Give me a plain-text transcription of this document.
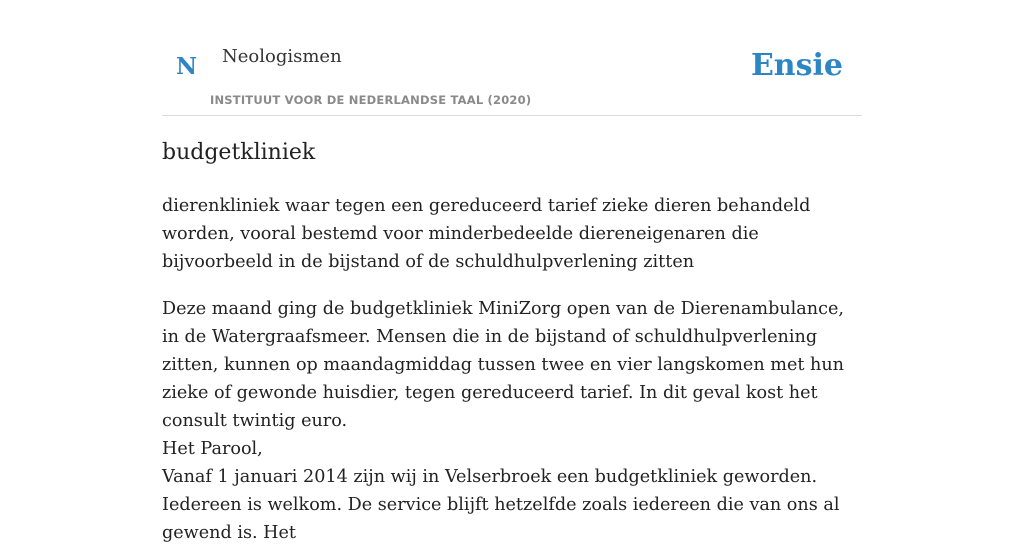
N Neologismen
INSTITUUT VOOR DE NEDERLANDSE TAAL (2020)
Ensie
budgetkliniek

dierenkliniek waar tegen een gereduceerd tarief zieke dieren behandeld worden, vooral bestemd voor minderbedeelde diereneigenaren die bijvoorbeeld in de bijstand of de schuldhulpverlening zitten

Deze maand ging de budgetkliniek MiniZorg open van de Dierenambulance, in de Watergraafsmeer. Mensen die in de bijstand of schuldhulpverlening zitten, kunnen op maandagmiddag tussen twee en vier langskomen met hun zieke of gewonde huisdier, tegen gereduceerd tarief. In dit geval kost het consult twintig euro.
Het Parool,

Vanaf 1 januari 2014 zijn wij in Velserbroek een budgetkliniek geworden. Iedereen is welkom. De service blijft hetzelfde zoals iedereen die van ons al gewend is. Het
